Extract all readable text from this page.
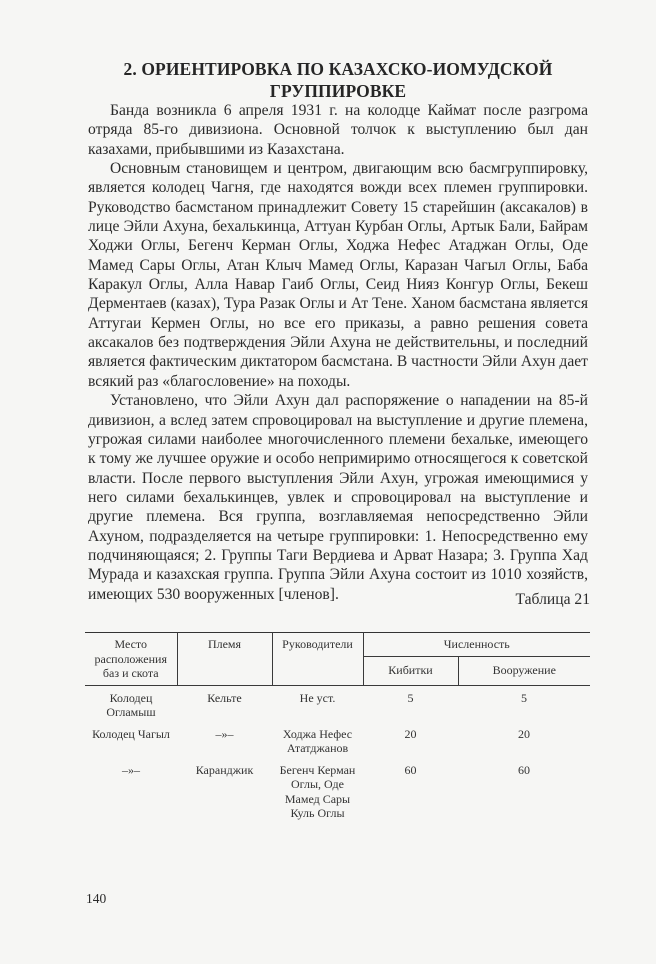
2. ОРИЕНТИРОВКА ПО КАЗАХСКО-ИОМУДСКОЙ
ГРУППИРОВКЕ

Банда возникла 6 апреля 1931 г. на колодце Каймат после разгрома отряда 85-го дивизиона. Основной толчок к выступлению был дан казахами, прибывшими из Казахстана.

Основным становищем и центром, двигающим всю басмгруппировку, является колодец Чагня, где находятся вожди всех племен группировки. Руководство басмстаном принадлежит Совету 15 старейшин (аксакалов) в лице Эйли Ахуна, бехалькинца, Аттуан Курбан Оглы, Артык Бали, Байрам Ходжи Оглы, Бегенч Керман Оглы, Ходжа Нефес Атаджан Оглы, Оде Мамед Сары Оглы, Атан Клыч Мамед Оглы, Каразан Чагыл Оглы, Баба Каракул Оглы, Алла Навар Гаиб Оглы, Сеид Нияз Конгур Оглы, Бекеш Дерментаев (казах), Тура Разак Оглы и Ат Тене. Ханом басмстана является Аттугаи Кермен Оглы, но все его приказы, а равно решения совета аксакалов без подтверждения Эйли Ахуна не действительны, и последний является фактическим диктатором басмстана. В частности Эйли Ахун дает всякий раз «благословение» на походы.

Установлено, что Эйли Ахун дал распоряжение о нападении на 85-й дивизион, а вслед затем спровоцировал на выступление и другие племена, угрожая силами наиболее многочисленного племени бехальке, имеющего к тому же лучшее оружие и особо непримиримо относящегося к советской власти. После первого выступления Эйли Ахун, угрожая имеющимися у него силами бехалькинцев, увлек и спровоцировал на выступление и другие племена. Вся группа, возглавляемая непосредственно Эйли Ахуном, подразделяется на четыре группировки: 1. Непосредственно ему подчиняющаяся; 2. Группы Таги Вердиева и Арват Назара; 3. Группа Хад Мурада и казахская группа. Группа Эйли Ахуна состоит из 1010 хозяйств, имеющих 530 вооруженных [членов].	Таблица 21
Место расположения баз и скота	Племя	Руководители	Численность	
			Кибитки	Вооружение
Колодец Огламыш	Кельте	Не уст.	5	5
Колодец Чагыл	–»–	Ходжа Нефес Ататджанов	20	20
–»–	Каранджик	Бегенч Керман Оглы, Оде Мамед Сары Куль Оглы	60	60
140
